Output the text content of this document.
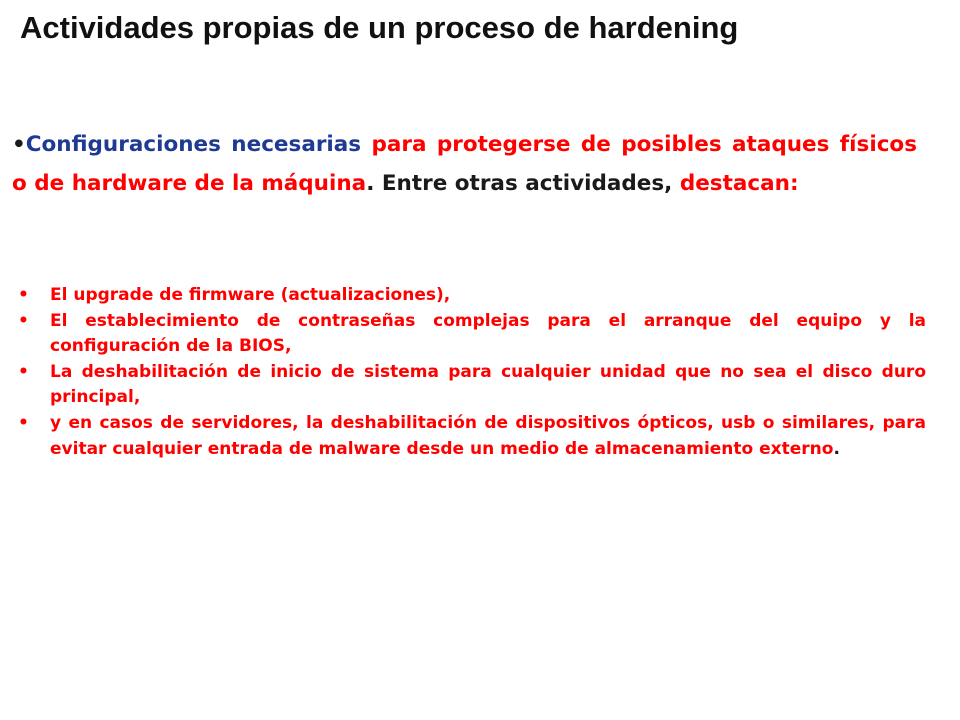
Actividades propias de un proceso de hardening

•Configuraciones necesarias para protegerse de posibles ataques físicos o de hardware de la máquina. Entre otras actividades, destacan:

• El upgrade de firmware (actualizaciones),
• El establecimiento de contraseñas complejas para el arranque del equipo y la configuración de la BIOS,
• La deshabilitación de inicio de sistema para cualquier unidad que no sea el disco duro principal,
• y en casos de servidores, la deshabilitación de dispositivos ópticos, usb o similares, para evitar cualquier entrada de malware desde un medio de almacenamiento externo.
